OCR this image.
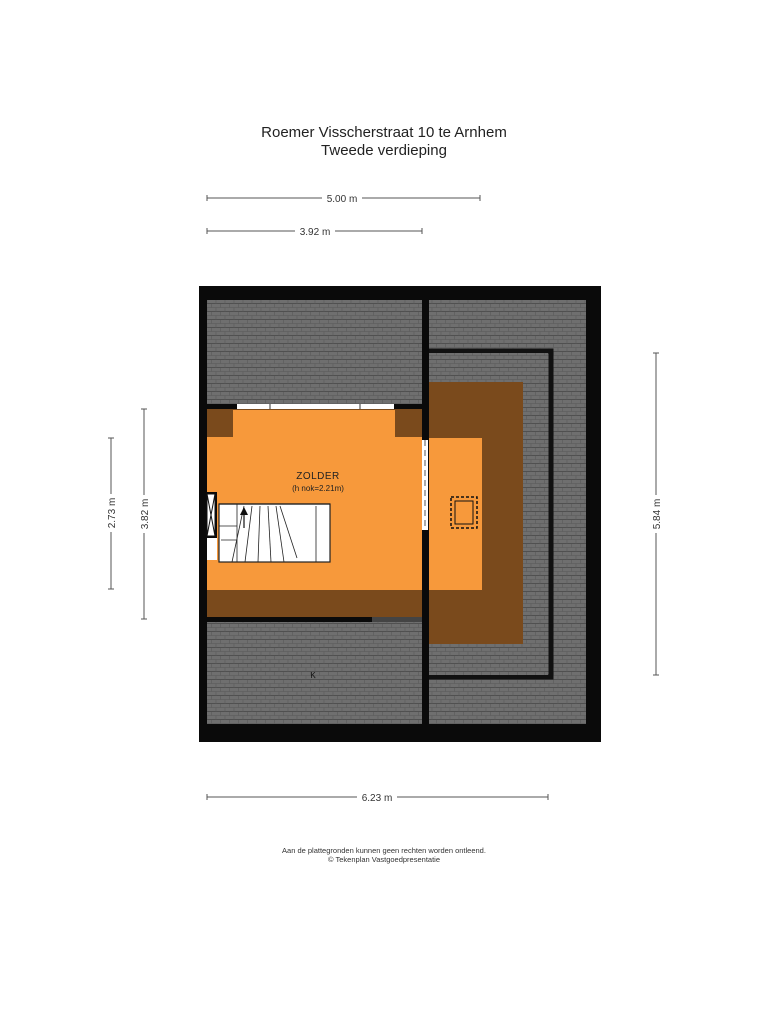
Roemer Visscherstraat 10 te Arnhem
Tweede verdieping
5.00 m
3.92 m
2.73 m 3.82 m	5.84 m
6.23 m
ZOLDER
(h nok=2.21m)
K
Aan de plattegronden kunnen geen rechten worden ontleend.
© Tekenplan Vastgoedpresentatie
